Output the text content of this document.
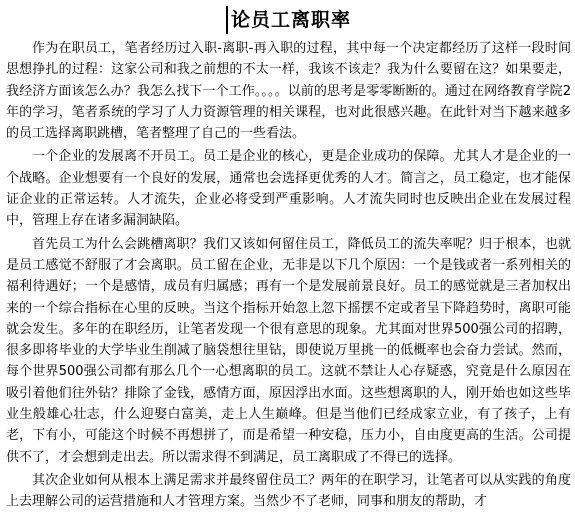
论员工离职率

作为在职员工，笔者经历过入职-离职-再入职的过程，其中每一个决定都经历了这样一段时间思想挣扎的过程：这家公司和我之前想的不太一样，我该不该走？我为什么要留在这？如果要走，我经济方面该怎么办？我怎么找下一个工作。。。。以前的思考是零零断断的。通过在网络教育学院2年的学习，笔者系统的学习了人力资源管理的相关课程，也对此很感兴趣。在此针对当下越来越多的员工选择离职跳槽，笔者整理了自己的一些看法。

一个企业的发展离不开员工。员工是企业的核心，更是企业成功的保障。尤其人才是企业的一个战略。企业想要有一个良好的发展，通常也会选择更优秀的人才。简言之，员工稳定，也才能保证企业的正常运转。人才流失，企业必将受到严重影响。人才流失同时也反映出企业在发展过程中，管理上存在诸多漏洞缺陷。

首先员工为什么会跳槽离职？我们又该如何留住员工，降低员工的流失率呢？归于根本，也就是员工感觉不舒服了才会离职。员工留在企业，无非是以下几个原因：一个是钱或者一系列相关的福利待遇好；一个是感情，成员有归属感；再有一个是发展前景良好。员工的感觉就是三者加权出来的一个综合指标在心里的反映。当这个指标开始忽上忽下摇摆不定或者呈下降趋势时，离职可能就会发生。多年的在职经历，让笔者发现一个很有意思的现象。尤其面对世界500强公司的招聘，很多即将毕业的大学毕业生削减了脑袋想往里钻，即使说万里挑一的低概率也会奋力尝试。然而，每个世界500强公司都有那么几个一心想离职的员工。这就不禁让人心存疑惑，究竟是什么原因在吸引着他们往外钻？排除了金钱，感情方面，原因浮出水面。这些想离职的人，刚开始也如这些毕业生般雄心壮志，什么迎娶白富美，走上人生巅峰。但是当他们已经成家立业，有了孩子，上有老，下有小，可能这个时候不再想拼了，而是希望一种安稳，压力小，自由度更高的生活。公司提供不了，才会想到走出去。所以需求得不到满足，员工离职成了不得已的选择。

其次企业如何从根本上满足需求并最终留住员工？两年的在职学习，让笔者可以从实践的角度上去理解公司的运营措施和人才管理方案。当然少不了老师，同事和朋友的帮助，才
